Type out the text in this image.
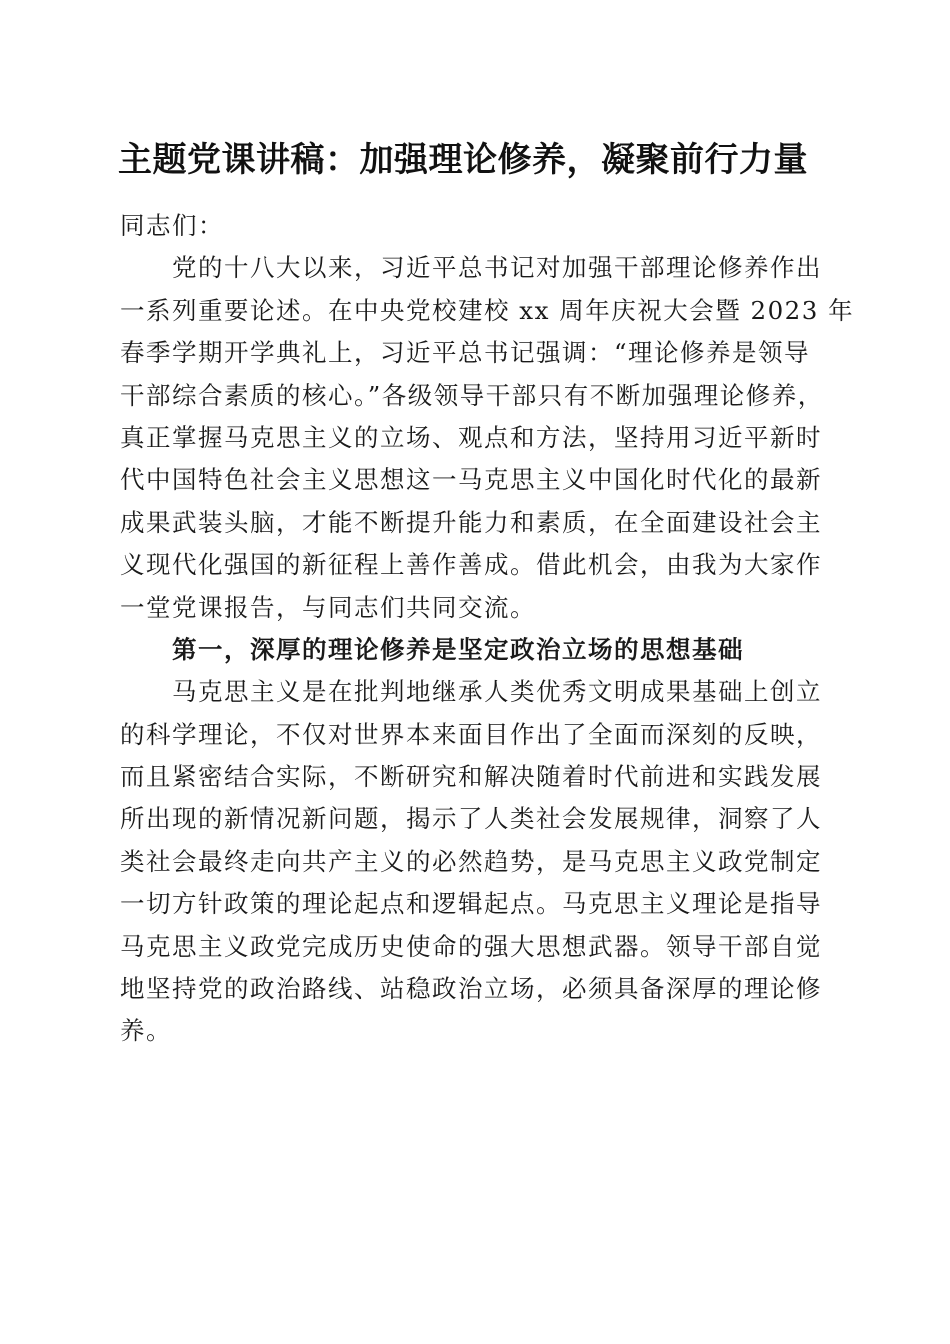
主题党课讲稿：加强理论修养，凝聚前行力量
同志们：
党的十八大以来，习近平总书记对加强干部理论修养作出
一系列重要论述。在中央党校建校 xx 周年庆祝大会暨 2023 年
春季学期开学典礼上，习近平总书记强调：“理论修养是领导
干部综合素质的核心。”各级领导干部只有不断加强理论修养，
真正掌握马克思主义的立场、观点和方法，坚持用习近平新时
代中国特色社会主义思想这一马克思主义中国化时代化的最新
成果武装头脑，才能不断提升能力和素质，在全面建设社会主
义现代化强国的新征程上善作善成。借此机会，由我为大家作
一堂党课报告，与同志们共同交流。
第一，深厚的理论修养是坚定政治立场的思想基础
马克思主义是在批判地继承人类优秀文明成果基础上创立
的科学理论，不仅对世界本来面目作出了全面而深刻的反映，
而且紧密结合实际，不断研究和解决随着时代前进和实践发展
所出现的新情况新问题，揭示了人类社会发展规律，洞察了人
类社会最终走向共产主义的必然趋势，是马克思主义政党制定
一切方针政策的理论起点和逻辑起点。马克思主义理论是指导
马克思主义政党完成历史使命的强大思想武器。领导干部自觉
地坚持党的政治路线、站稳政治立场，必须具备深厚的理论修
养。
